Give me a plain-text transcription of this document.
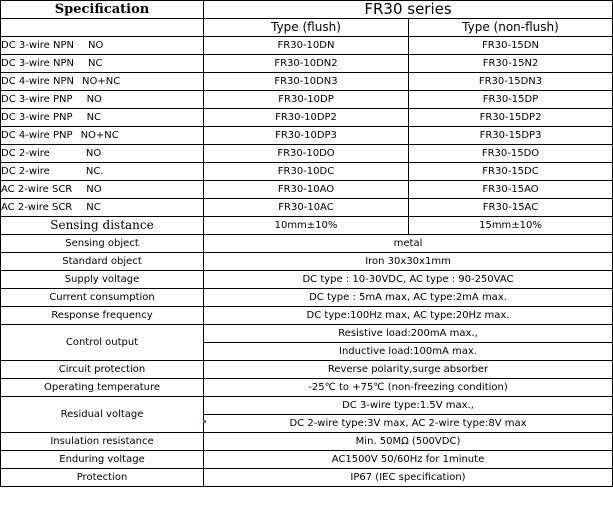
Specification	FR30 series	
	Type (flush)	Type (non-flush)
DC 3-wire NPN NO	FR30-10DN	FR30-15DN
DC 3-wire NPN NC	FR30-10DN2	FR30-15N2
DC 4-wire NPN NO+NC	FR30-10DN3	FR30-15DN3
DC 3-wire PNP NO	FR30-10DP	FR30-15DP
DC 3-wire PNP NC	FR30-10DP2	FR30-15DP2
DC 4-wire PNP NO+NC	FR30-10DP3	FR30-15DP3
DC 2-wire NO	FR30-10DO	FR30-15DO
DC 2-wire NC.	FR30-10DC	FR30-15DC
AC 2-wire SCR NO	FR30-10AO	FR30-15AO
AC 2-wire SCR NC	FR30-10AC	FR30-15AC
Sensing distance	10mm±10%	15mm±10%
Sensing object	metal	
Standard object	Iron 30x30x1mm	
Supply voltage	DC type : 10-30VDC, AC type : 90-250VAC	
Current consumption	DC type : 5mA max, AC type:2mA max.	
Response frequency	DC type:100Hz max, AC type:20Hz max.	
Control output	Resistive load:200mA max.,	
	Inductive load:100mA max.	
Circuit protection	Reverse polarity,surge absorber	
Operating temperature	-25℃ to +75℃ (non-freezing condition)	
Residual voltage	DC 3-wire type:1.5V max.,	
	DC 2-wire type:3V max, AC 2-wire type:8V max	
Insulation resistance	Min. 50MΩ (500VDC)	
Enduring voltage	AC1500V 50/60Hz for 1minute	
Protection	IP67 (IEC specification)	
